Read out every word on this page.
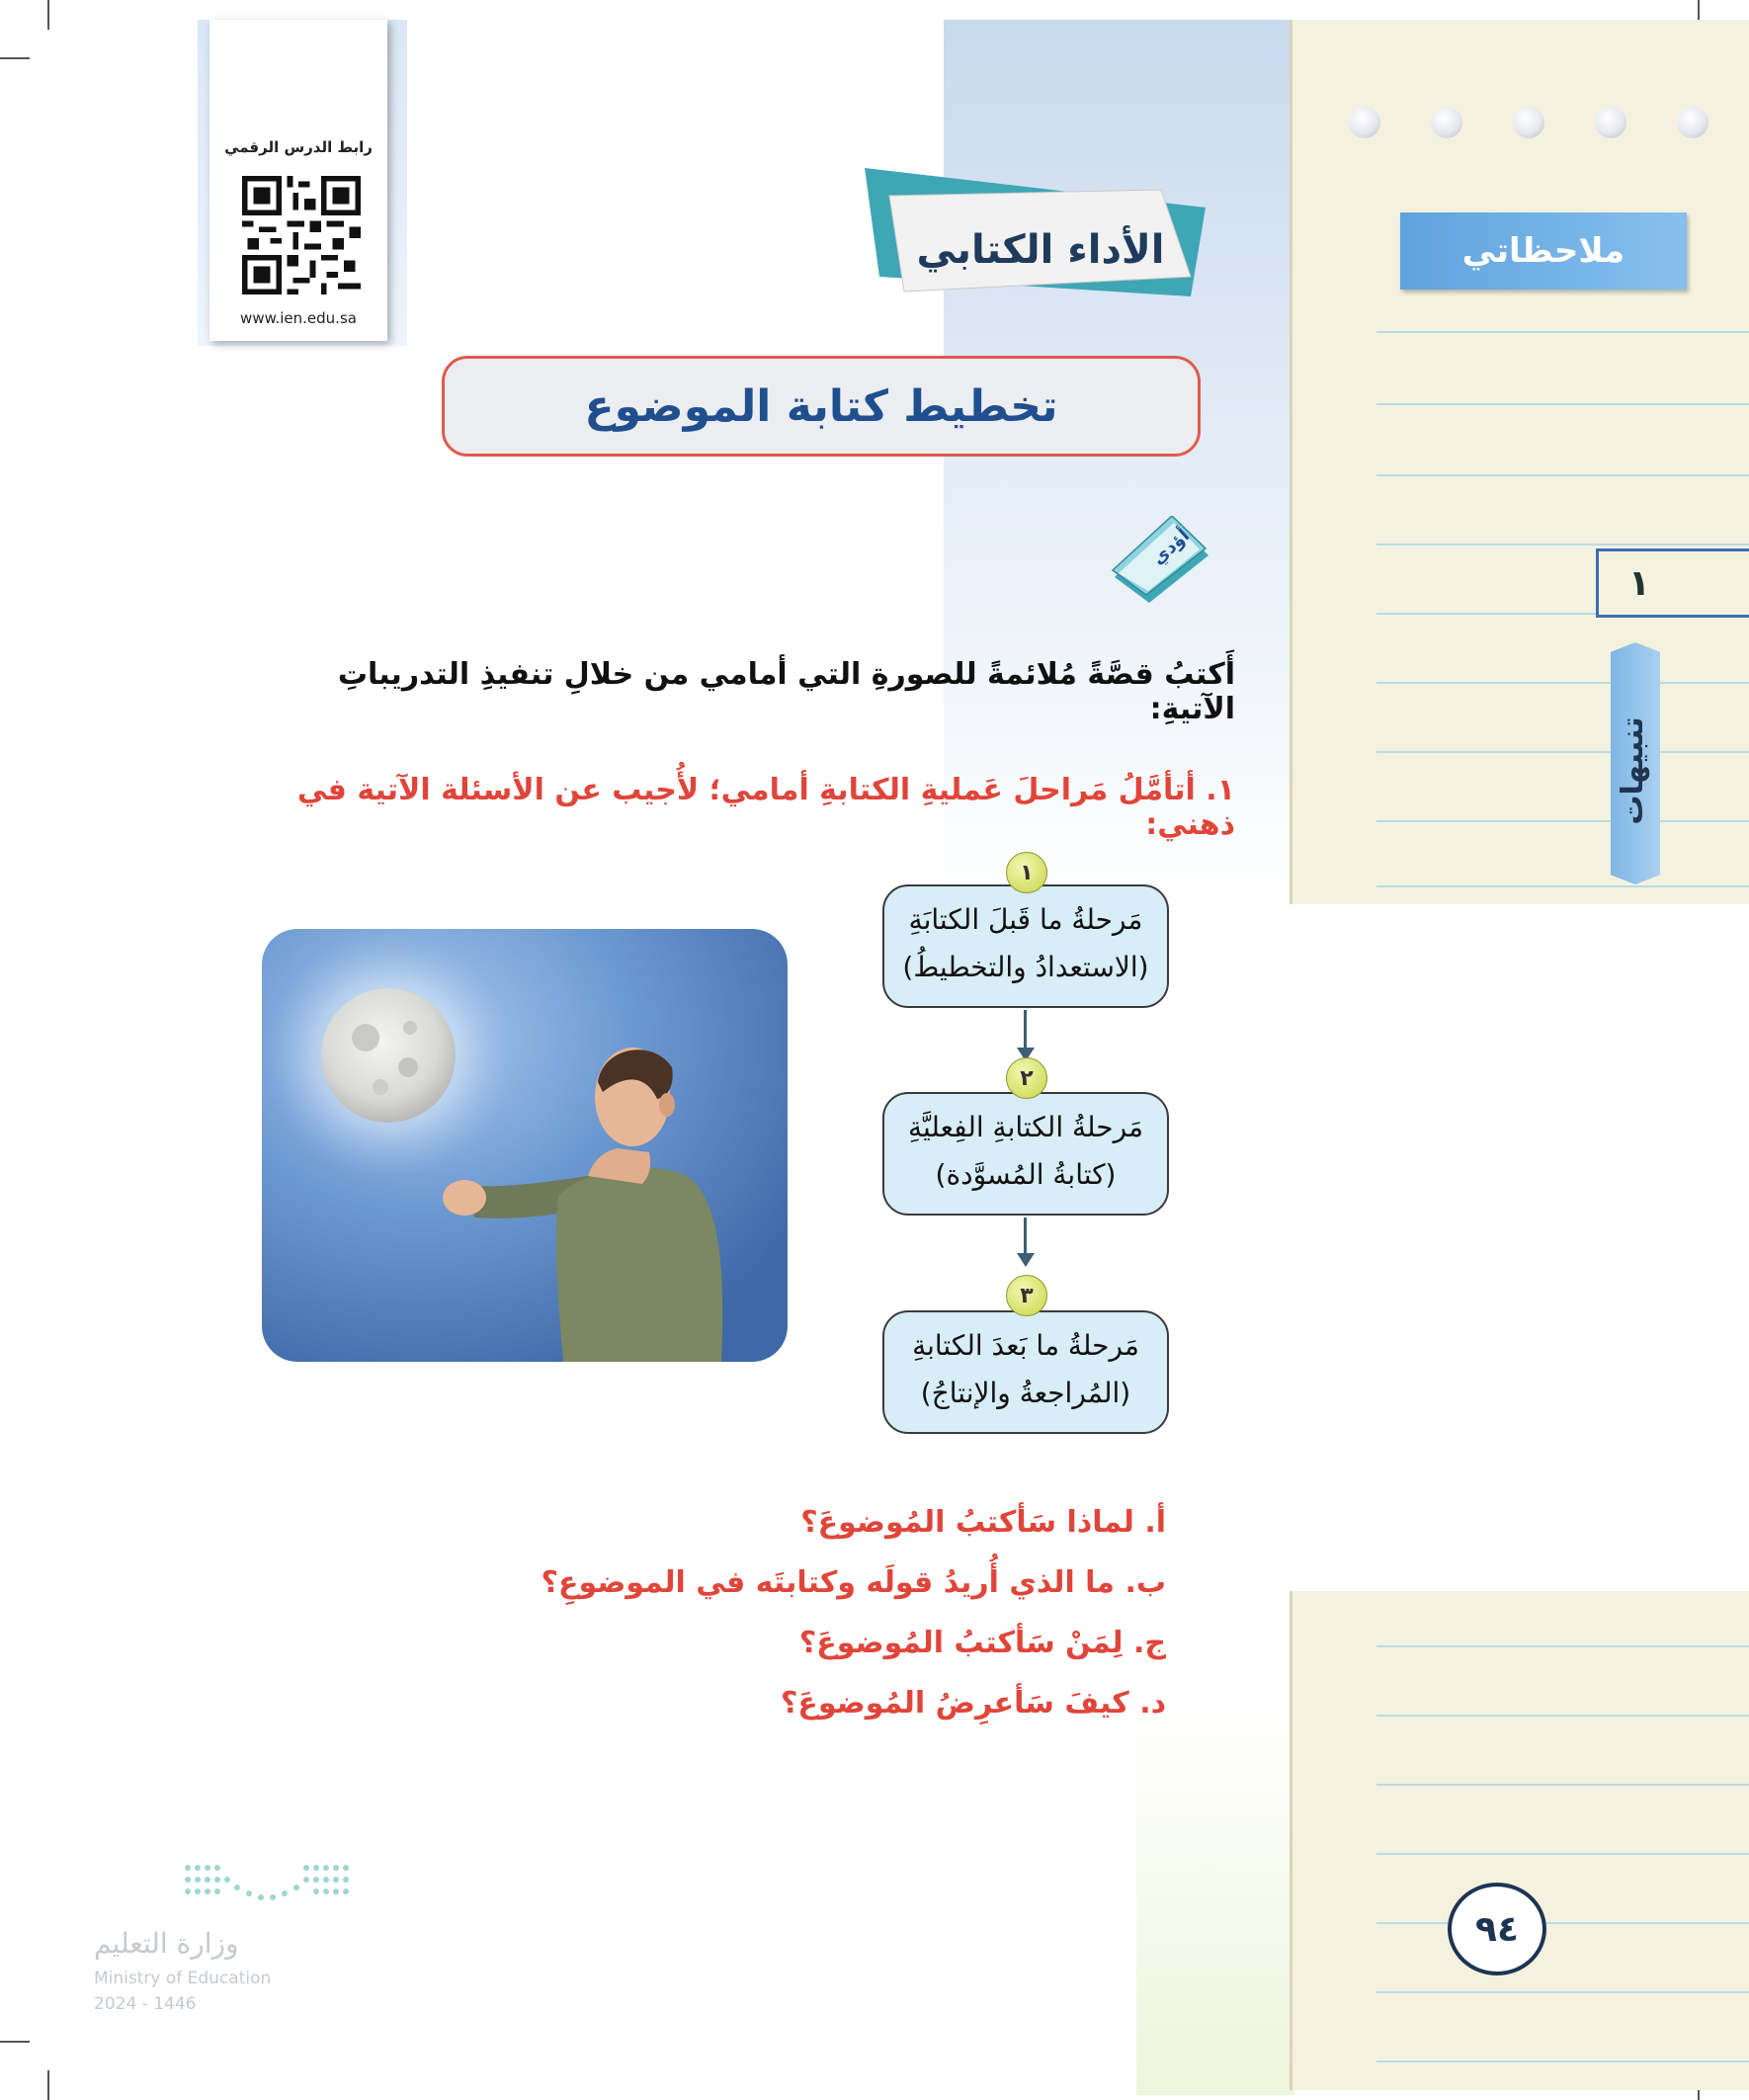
ملاحظاتي
١
تنبيهات
رابط الدرس الرقمي
www.ien.edu.sa
الأداء الكتابي
تخطيط كتابة الموضوع
أؤدي
أَكتبُ قصَّةً مُلائمةً للصورةِ التي أمامي من خلالِ تنفيذِ التدريباتِ الآتيةِ:
١. أتأمَّلُ مَراحلَ عَمليةِ الكتابةِ أمامي؛ لأُجيب عن الأسئلة الآتية في ذهني:
مَرحلةُ ما قَبلَ الكتابَةِ
(الاستعدادُ والتخطيطُ)
١
مَرحلةُ الكتابةِ الفِعليَّةِ
(كتابةُ المُسوَّدة)
٢
مَرحلةُ ما بَعدَ الكتابةِ
(المُراجعةُ والإنتاجُ)
٣
أ. لماذا سَأكتبُ المُوضوعَ؟
ب. ما الذي أُريدُ قولَه وكتابتَه في الموضوعِ؟
ج. لِمَنْ سَأكتبُ المُوضوعَ؟
د. كيفَ سَأعرِضُ المُوضوعَ؟
٩٤
وزارة التعليم
Ministry of Education
2024 - 1446
